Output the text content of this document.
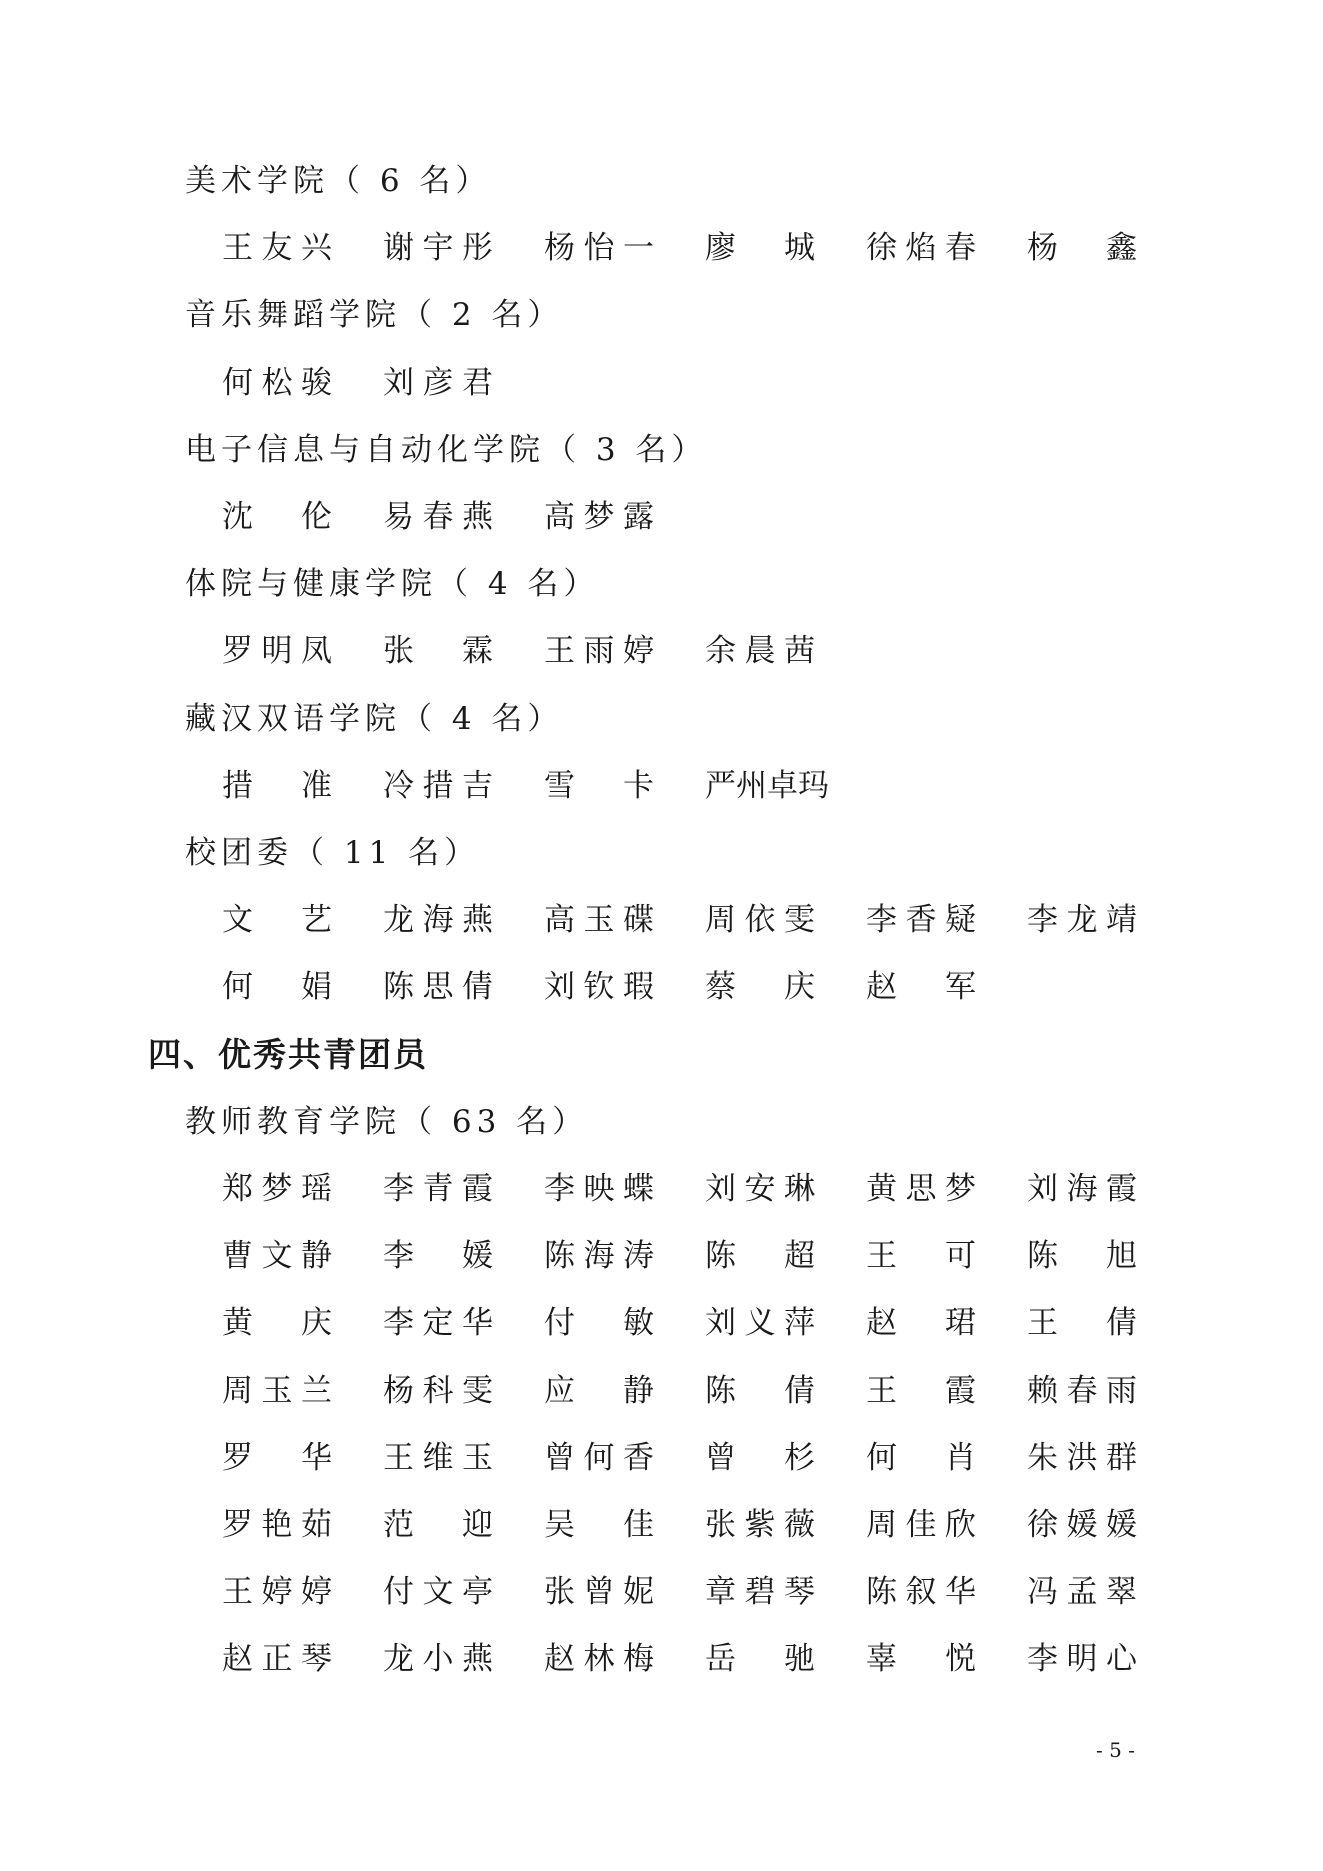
美术学院（ 6 名）
王 友 兴 谢 宇 彤 杨 怡 一 廖 城 徐 焰 春 杨 鑫
音乐舞蹈学院（ 2 名）
何 松 骏 刘 彦 君
电子信息与自动化学院（ 3 名）
沈 伦 易 春 燕 高 梦 露
体院与健康学院（ 4 名）
罗 明 凤 张 霖 王 雨 婷 余 晨 茜
藏汉双语学院（ 4 名）
措 准 冷 措 吉 雪 卡 严州卓玛
校团委（ 11 名）
文 艺 龙 海 燕 高 玉 碟 周 依 雯 李 香 疑 李 龙 靖
何 娟 陈 思 倩 刘 钦 瑕 蔡 庆 赵 军
四、优秀共青团员
教师教育学院（ 63 名）
郑 梦 瑶 李 青 霞 李 映 蝶 刘 安 琳 黄 思 梦 刘 海 霞
曹 文 静 李 媛 陈 海 涛 陈 超 王 可 陈 旭
黄 庆 李 定 华 付 敏 刘 义 萍 赵 珺 王 倩
周 玉 兰 杨 科 雯 应 静 陈 倩 王 霞 赖 春 雨
罗 华 王 维 玉 曾 何 香 曾 杉 何 肖 朱 洪 群
罗 艳 茹 范 迎 吴 佳 张 紫 薇 周 佳 欣 徐 媛 媛
王 婷 婷 付 文 亭 张 曾 妮 章 碧 琴 陈 叙 华 冯 孟 翠
赵 正 琴 龙 小 燕 赵 林 梅 岳 驰 辜 悦 李 明 心
- 5 -
